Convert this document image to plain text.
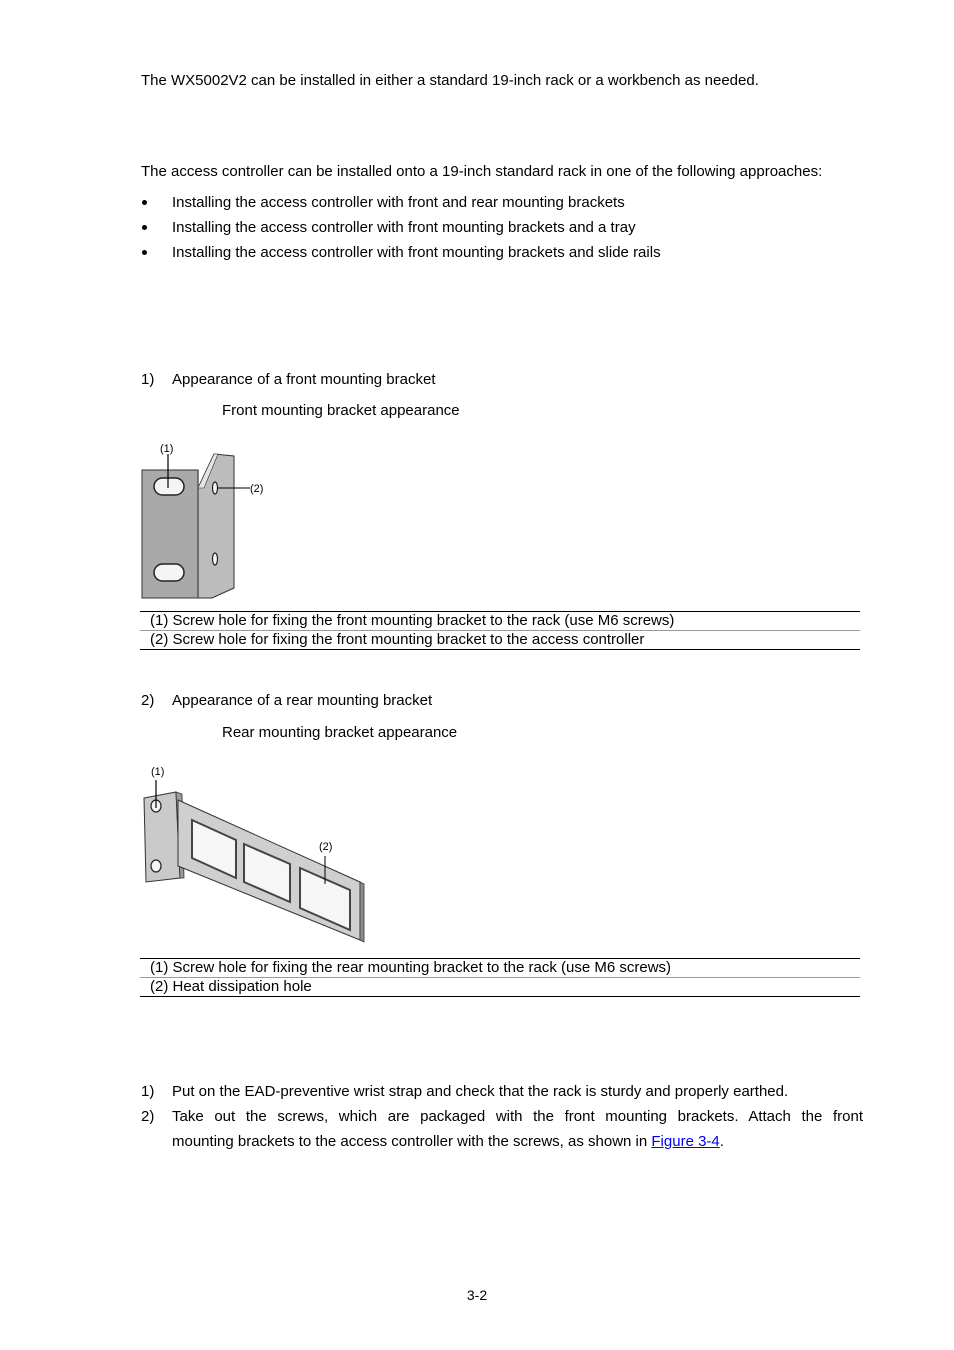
The WX5002V2 can be installed in either a standard 19-inch rack or a workbench as needed.
The access controller can be installed onto a 19-inch standard rack in one of the following approaches:
Installing the access controller with front and rear mounting brackets
Installing the access controller with front mounting brackets and a tray
Installing the access controller with front mounting brackets and slide rails
1) Appearance of a front mounting bracket
Front mounting bracket appearance
(1)
(2)
(1) Screw hole for fixing the front mounting bracket to the rack (use M6 screws)
(2) Screw hole for fixing the front mounting bracket to the access controller
2) Appearance of a rear mounting bracket
Rear mounting bracket appearance
(1)
(2)
(1) Screw hole for fixing the rear mounting bracket to the rack (use M6 screws)
(2) Heat dissipation hole
1) Put on the EAD-preventive wrist strap and check that the rack is sturdy and properly earthed.
2) Take out the screws, which are packaged with the front mounting brackets. Attach the front
mounting brackets to the access controller with the screws, as shown in Figure 3-4.
3-2
